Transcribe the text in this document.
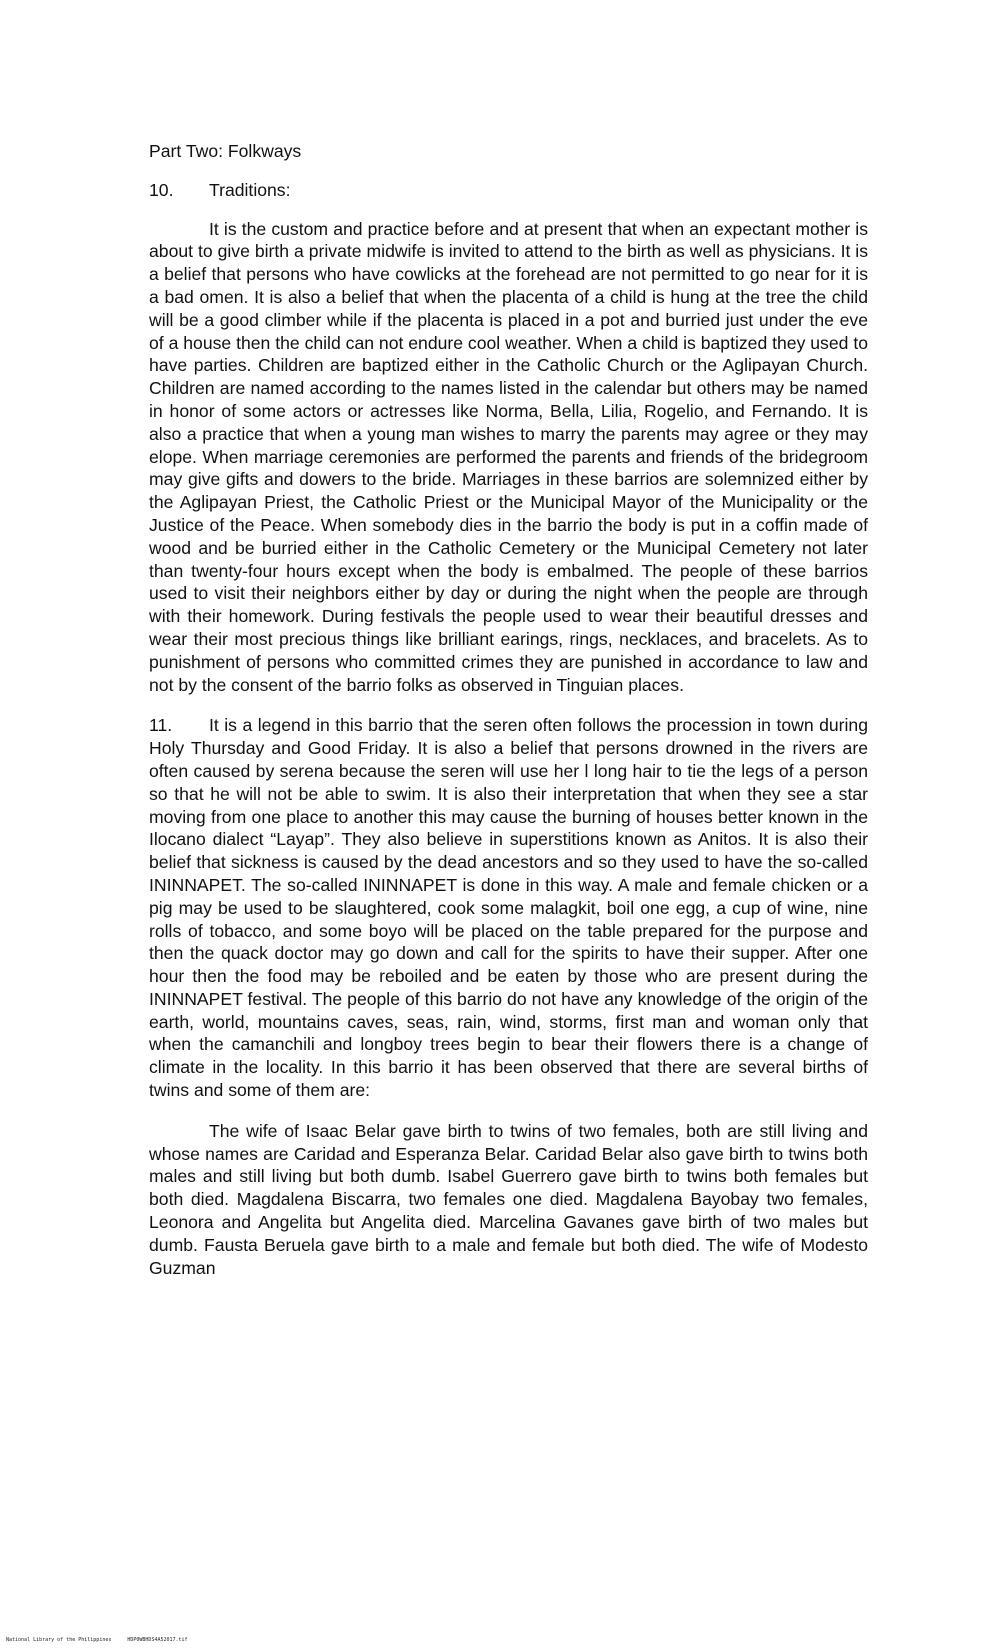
Part Two: Folkways
10. Traditions:

It is the custom and practice before and at present that when an expectant mother is about to give birth a private midwife is invited to attend to the birth as well as physicians. It is a belief that persons who have cowlicks at the forehead are not permitted to go near for it is a bad omen. It is also a belief that when the placenta of a child is hung at the tree the child will be a good climber while if the placenta is placed in a pot and burried just under the eve of a house then the child can not endure cool weather. When a child is baptized they used to have parties. Children are baptized either in the Catholic Church or the Aglipayan Church. Children are named according to the names listed in the calendar but others may be named in honor of some actors or actresses like Norma, Bella, Lilia, Rogelio, and Fernando. It is also a practice that when a young man wishes to marry the parents may agree or they may elope. When marriage ceremonies are performed the parents and friends of the bridegroom may give gifts and dowers to the bride. Marriages in these barrios are solemnized either by the Aglipayan Priest, the Catholic Priest or the Municipal Mayor of the Municipality or the Justice of the Peace. When somebody dies in the barrio the body is put in a coffin made of wood and be burried either in the Catholic Cemetery or the Municipal Cemetery not later than twenty-four hours except when the body is embalmed. The people of these barrios used to visit their neighbors either by day or during the night when the people are through with their homework. During festivals the people used to wear their beautiful dresses and wear their most precious things like brilliant earings, rings, necklaces, and bracelets. As to punishment of persons who committed crimes they are punished in accordance to law and not by the consent of the barrio folks as observed in Tinguian places.

11. It is a legend in this barrio that the seren often follows the procession in town during Holy Thursday and Good Friday. It is also a belief that persons drowned in the rivers are often caused by serena because the seren will use her l long hair to tie the legs of a person so that he will not be able to swim. It is also their interpretation that when they see a star moving from one place to another this may cause the burning of houses better known in the Ilocano dialect “Layap”. They also believe in superstitions known as Anitos. It is also their belief that sickness is caused by the dead ancestors and so they used to have the so-called ININNAPET. The so-called ININNAPET is done in this way. A male and female chicken or a pig may be used to be slaughtered, cook some malagkit, boil one egg, a cup of wine, nine rolls of tobacco, and some boyo will be placed on the table prepared for the purpose and then the quack doctor may go down and call for the spirits to have their supper. After one hour then the food may be reboiled and be eaten by those who are present during the ININNAPET festival. The people of this barrio do not have any knowledge of the origin of the earth, world, mountains caves, seas, rain, wind, storms, first man and woman only that when the camanchili and longboy trees begin to bear their flowers there is a change of climate in the locality. In this barrio it has been observed that there are several births of twins and some of them are:

The wife of Isaac Belar gave birth to twins of two females, both are still living and whose names are Caridad and Esperanza Belar. Caridad Belar also gave birth to twins both males and still living but both dumb. Isabel Guerrero gave birth to twins both females but both died. Magdalena Biscarra, two females one died. Magdalena Bayobay two females, Leonora and Angelita but Angelita died. Marcelina Gavanes gave birth of two males but dumb. Fausta Beruela gave birth to a male and female but both died. The wife of Modesto Guzman

National Library of the Philippines	HDP0WBHDS4A52017.tif
